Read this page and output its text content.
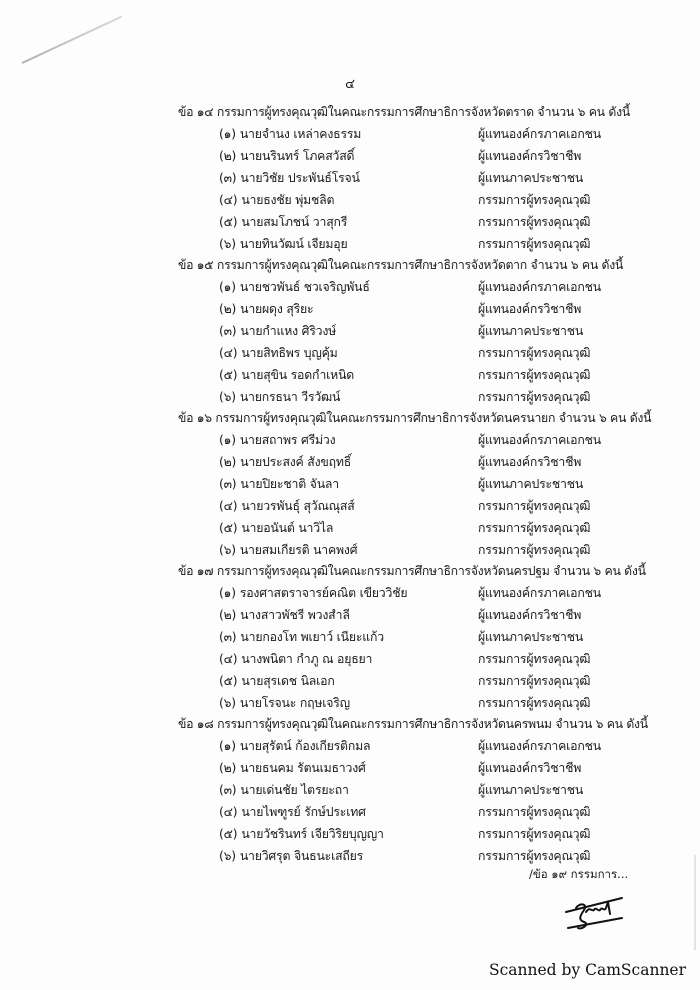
๔
ข้อ ๑๔ กรรมการผู้ทรงคุณวุฒิในคณะกรรมการศึกษาธิการจังหวัดตราด จำนวน ๖ คน ดังนี้
(๑) นายจำนง เหล่าคงธรรม	ผู้แทนองค์กรภาคเอกชน
(๒) นายนรินทร์ โภคสวัสดิ์	ผู้แทนองค์กรวิชาชีพ
(๓) นายวิชัย ประพันธ์โรจน์	ผู้แทนภาคประชาชน
(๔) นายธงชัย พุ่มชลิต	กรรมการผู้ทรงคุณวุฒิ
(๕) นายสมโภชน์ วาสุกรี	กรรมการผู้ทรงคุณวุฒิ
(๖) นายทินวัฒน์ เจียมอุย	กรรมการผู้ทรงคุณวุฒิ
ข้อ ๑๕ กรรมการผู้ทรงคุณวุฒิในคณะกรรมการศึกษาธิการจังหวัดตาก จำนวน ๖ คน ดังนี้
(๑) นายชวพันธ์ ชวเจริญพันธ์	ผู้แทนองค์กรภาคเอกชน
(๒) นายผดุง สุริยะ	ผู้แทนองค์กรวิชาชีพ
(๓) นายกำแหง ศิริวงษ์	ผู้แทนภาคประชาชน
(๔) นายสิทธิพร บุญคุ้ม	กรรมการผู้ทรงคุณวุฒิ
(๕) นายสุขิน รอดกำเหนิด	กรรมการผู้ทรงคุณวุฒิ
(๖) นายกรธนา วีรวัฒน์	กรรมการผู้ทรงคุณวุฒิ
ข้อ ๑๖ กรรมการผู้ทรงคุณวุฒิในคณะกรรมการศึกษาธิการจังหวัดนครนายก จำนวน ๖ คน ดังนี้
(๑) นายสถาพร ศรีม่วง	ผู้แทนองค์กรภาคเอกชน
(๒) นายประสงค์ สังขฤทธิ์	ผู้แทนองค์กรวิชาชีพ
(๓) นายปิยะชาติ จันลา	ผู้แทนภาคประชาชน
(๔) นายวรพันธุ์ สุวัณณุสส์	กรรมการผู้ทรงคุณวุฒิ
(๕) นายอนันต์ นาวิไล	กรรมการผู้ทรงคุณวุฒิ
(๖) นายสมเกียรติ นาคพงศ์	กรรมการผู้ทรงคุณวุฒิ
ข้อ ๑๗ กรรมการผู้ทรงคุณวุฒิในคณะกรรมการศึกษาธิการจังหวัดนครปฐม จำนวน ๖ คน ดังนี้
(๑) รองศาสตราจารย์คณิต เขียววิชัย	ผู้แทนองค์กรภาคเอกชน
(๒) นางสาวพัชรี พวงสำลี	ผู้แทนองค์กรวิชาชีพ
(๓) นายกองโท พเยาว์ เนียะแก้ว	ผู้แทนภาคประชาชน
(๔) นางพนิตา กำภู ณ อยุธยา	กรรมการผู้ทรงคุณวุฒิ
(๕) นายสุรเดช นิลเอก	กรรมการผู้ทรงคุณวุฒิ
(๖) นายโรจนะ กฤษเจริญ	กรรมการผู้ทรงคุณวุฒิ
ข้อ ๑๘ กรรมการผู้ทรงคุณวุฒิในคณะกรรมการศึกษาธิการจังหวัดนครพนม จำนวน ๖ คน ดังนี้
(๑) นายสุรัตน์ ก้องเกียรติกมล	ผู้แทนองค์กรภาคเอกชน
(๒) นายธนคม รัตนเมธาวงศ์	ผู้แทนองค์กรวิชาชีพ
(๓) นายเด่นชัย ไตรยะถา	ผู้แทนภาคประชาชน
(๔) นายไพฑูรย์ รักษ์ประเทศ	กรรมการผู้ทรงคุณวุฒิ
(๕) นายวัชรินทร์ เจียวิริยบุญญา	กรรมการผู้ทรงคุณวุฒิ
(๖) นายวิศรุต จินธนะเสถียร	กรรมการผู้ทรงคุณวุฒิ
/ข้อ ๑๙ กรรมการ...
Scanned by CamScanner
